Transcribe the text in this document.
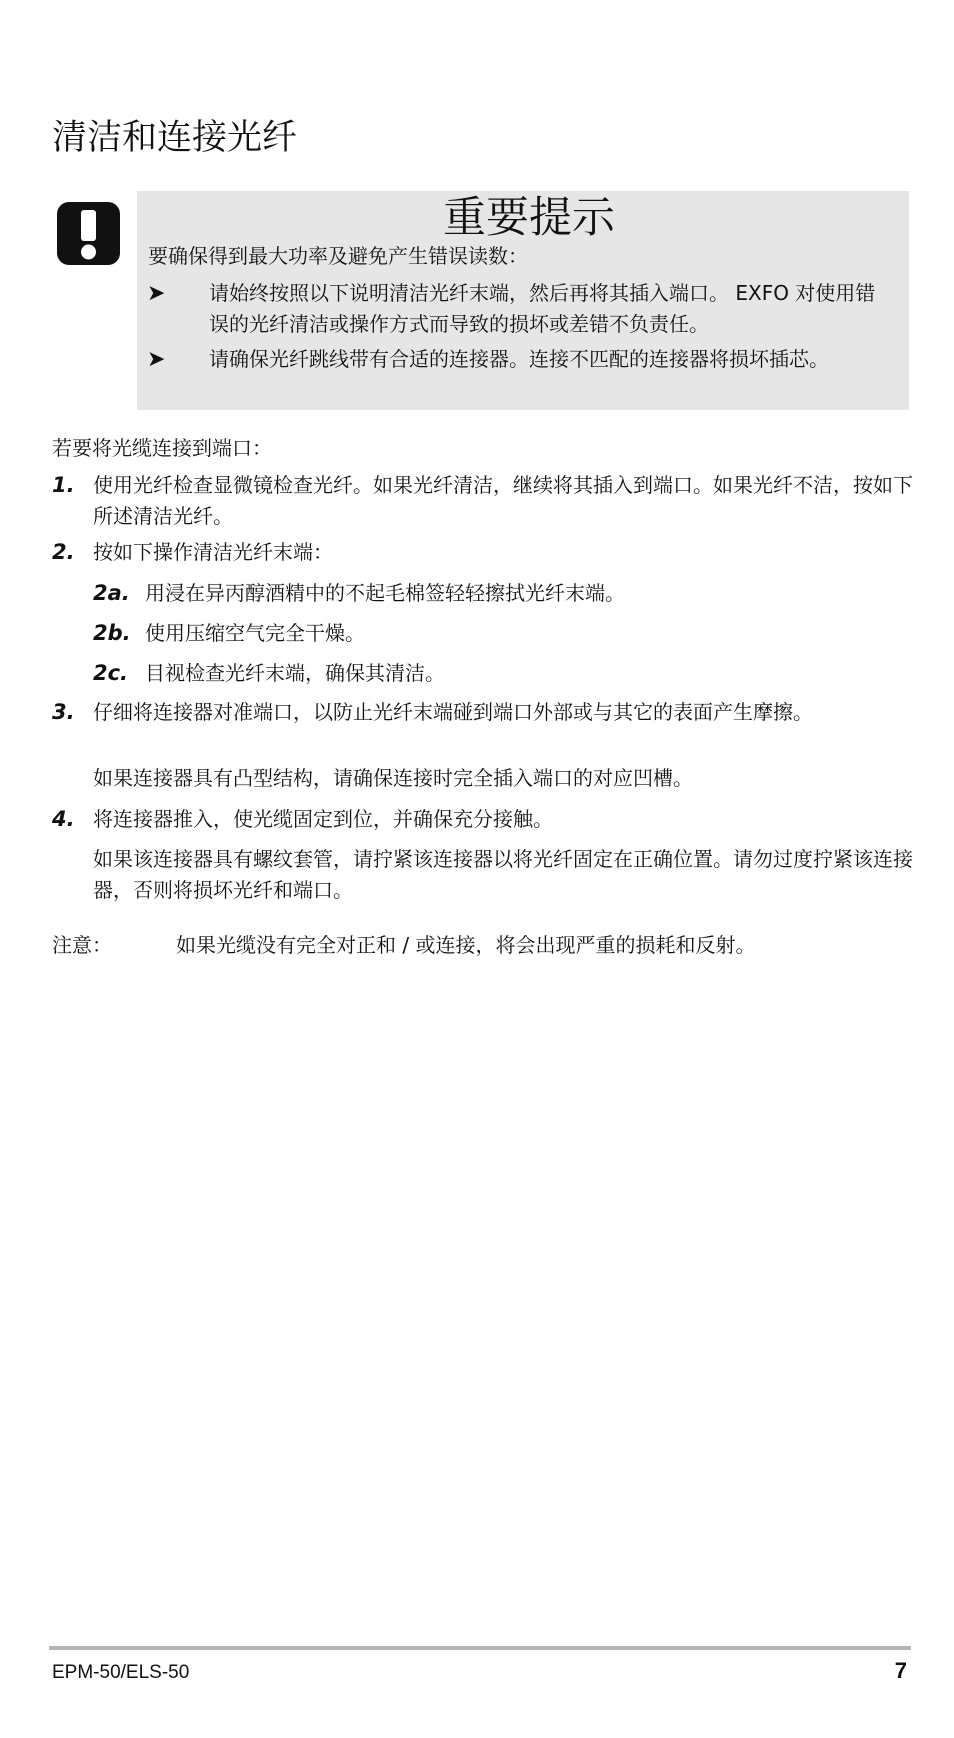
清洁和连接光纤
重要提示
要确保得到最大功率及避免产生错误读数：
➤ 请始终按照以下说明清洁光纤末端，然后再将其插入端口。 EXFO 对使用错误的光纤清洁或操作方式而导致的损坏或差错不负责任。
➤ 请确保光纤跳线带有合适的连接器。连接不匹配的连接器将损坏插芯。
若要将光缆连接到端口：
1. 使用光纤检查显微镜检查光纤。如果光纤清洁，继续将其插入到端口。如果光纤不洁，按如下所述清洁光纤。
2. 按如下操作清洁光纤末端：
2a. 用浸在异丙醇酒精中的不起毛棉签轻轻擦拭光纤末端。
2b. 使用压缩空气完全干燥。
2c. 目视检查光纤末端，确保其清洁。
3. 仔细将连接器对准端口，以防止光纤末端碰到端口外部或与其它的表面产生摩擦。
如果连接器具有凸型结构，请确保连接时完全插入端口的对应凹槽。
4. 将连接器推入，使光缆固定到位，并确保充分接触。
如果该连接器具有螺纹套管，请拧紧该连接器以将光纤固定在正确位置。请勿过度拧紧该连接器，否则将损坏光纤和端口。
注意：	如果光缆没有完全对正和 / 或连接，将会出现严重的损耗和反射。
EPM-50/ELS-50	7
